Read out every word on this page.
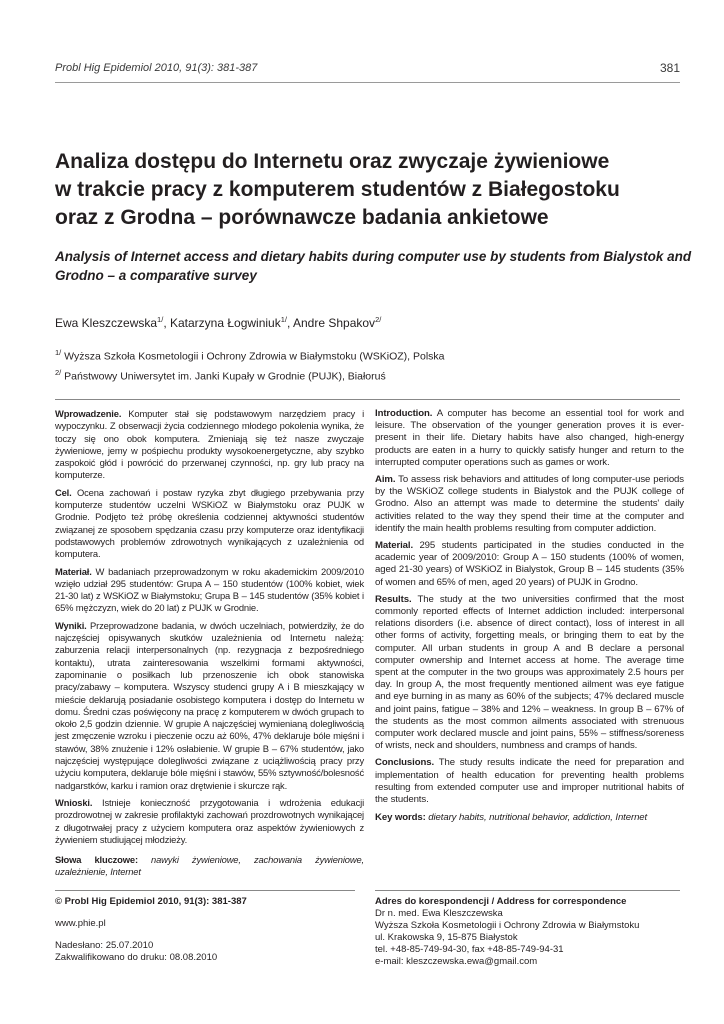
Probl Hig Epidemiol 2010, 91(3): 381-387	381
Analiza dostępu do Internetu oraz zwyczaje żywieniowe
w trakcie pracy z komputerem studentów z Białegostoku
oraz z Grodna – porównawcze badania ankietowe
Analysis of Internet access and dietary habits during computer use by students from Bialystok and Grodno – a comparative survey
Ewa Kleszczewska$^{1/}$, Katarzyna Łogwiniuk$^{1/}$, Andre Shpakov$^{2/}$
$^{1/}$ Wyższa Szkoła Kosmetologii i Ochrony Zdrowia w Białymstoku (WSKiOZ), Polska
$^{2/}$ Państwowy Uniwersytet im. Janki Kupały w Grodnie (PUJK), Białoruś

Wprowadzenie. Komputer stał się podstawowym narzędziem pracy i wypoczynku. Z obserwacji życia codziennego młodego pokolenia wynika, że toczy się ono obok komputera. Zmieniają się też nasze zwyczaje żywieniowe, jemy w pośpiechu produkty wysokoenergetyczne, aby szybko zaspokoić głód i powrócić do przerwanej czynności, np. gry lub pracy na komputerze.

Cel. Ocena zachowań i postaw ryzyka zbyt długiego przebywania przy komputerze studentów uczelni WSKiOZ w Białymstoku oraz PUJK w Grodnie. Podjęto też próbę określenia codziennej aktywności studentów związanej ze sposobem spędzania czasu przy komputerze oraz identyfikacji podstawowych problemów zdrowotnych wynikających z uzależnienia od komputera.

Materiał. W badaniach przeprowadzonym w roku akademickim 2009/2010 wzięło udział 295 studentów: Grupa A – 150 studentów (100% kobiet, wiek 21-30 lat) z WSKiOZ w Białymstoku; Grupa B – 145 studentów (35% kobiet i 65% mężczyzn, wiek do 20 lat) z PUJK w Grodnie.

Wyniki. Przeprowadzone badania, w dwóch uczelniach, potwierdziły, że do najczęściej opisywanych skutków uzależnienia od Internetu należą: zaburzenia relacji interpersonalnych (np. rezygnacja z bezpośredniego kontaktu), utrata zainteresowania wszelkimi formami aktywności, zapominanie o posiłkach lub przenoszenie ich obok stanowiska pracy/zabawy – komputera. Wszyscy studenci grupy A i B mieszkający w mieście deklarują posiadanie osobistego komputera i dostęp do Internetu w domu. Średni czas poświęcony na pracę z komputerem w dwóch grupach to około 2,5 godzin dziennie. W grupie A najczęściej wymienianą dolegliwością jest zmęczenie wzroku i pieczenie oczu aż 60%, 47% deklaruje bóle mięśni i stawów, 38% znużenie i 12% osłabienie. W grupie B – 67% studentów, jako najczęściej występujące dolegliwości związane z uciążliwością pracy przy użyciu komputera, deklaruje bóle mięśni i stawów, 55% sztywność/bolesność nadgarstków, karku i ramion oraz drętwienie i skurcze rąk.

Wnioski. Istnieje konieczność przygotowania i wdrożenia edukacji prozdrowotnej w zakresie profilaktyki zachowań prozdrowotnych wynikającej z długotrwałej pracy z użyciem komputera oraz aspektów żywieniowych z żywieniem studiującej młodzieży.

Słowa kluczowe: nawyki żywieniowe, zachowania żywieniowe, uzależnienie, Internet

Introduction. A computer has become an essential tool for work and leisure. The observation of the younger generation proves it is ever-present in their life. Dietary habits have also changed, high-energy products are eaten in a hurry to quickly satisfy hunger and return to the interrupted computer operations such as games or work.

Aim. To assess risk behaviors and attitudes of long computer-use periods by the WSKiOZ college students in Bialystok and the PUJK college of Grodno. Also an attempt was made to determine the students' daily activities related to the way they spend their time at the computer and identify the main health problems resulting from computer addiction.

Material. 295 students participated in the studies conducted in the academic year of 2009/2010: Group A – 150 students (100% of women, aged 21-30 years) of WSKiOZ in Bialystok, Group B – 145 students (35% of women and 65% of men, aged 20 years) of PUJK in Grodno.

Results. The study at the two universities confirmed that the most commonly reported effects of Internet addiction included: interpersonal relations disorders (i.e. absence of direct contact), loss of interest in all other forms of activity, forgetting meals, or bringing them to eat by the computer. All urban students in group A and B declare a personal computer ownership and Internet access at home. The average time spent at the computer in the two groups was approximately 2.5 hours per day. In group A, the most frequently mentioned ailment was eye fatigue and eye burning in as many as 60% of the subjects; 47% declared muscle and joint pains, fatigue – 38% and 12% – weakness. In group B – 67% of the students as the most common ailments associated with strenuous computer work declared muscle and joint pains, 55% – stiffness/soreness of wrists, neck and shoulders, numbness and cramps of hands.

Conclusions. The study results indicate the need for preparation and implementation of health education for preventing health problems resulting from extended computer use and improper nutritional habits of the students.

Key words: dietary habits, nutritional behavior, addiction, Internet

© Probl Hig Epidemiol 2010, 91(3): 381-387
www.phie.pl
Nadesłano: 25.07.2010
Zakwalifikowano do druku: 08.08.2010
Adres do korespondencji / Address for correspondence
Dr n. med. Ewa Kleszczewska
Wyższa Szkoła Kosmetologii i Ochrony Zdrowia w Białymstoku
ul. Krakowska 9, 15-875 Białystok
tel. +48-85-749-94-30, fax +48-85-749-94-31
e-mail: kleszczewska.ewa@gmail.com
